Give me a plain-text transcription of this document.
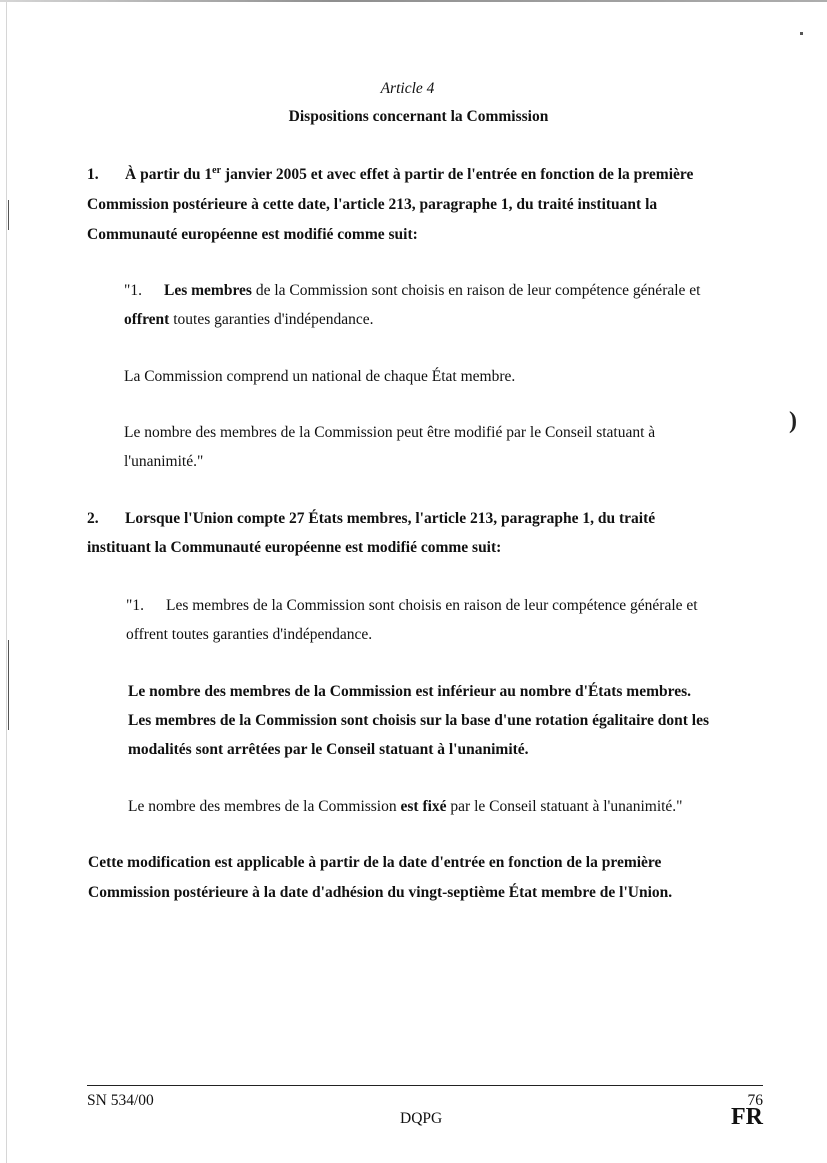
)
Article 4
Dispositions concernant la Commission
1. À partir du 1er janvier 2005 et avec effet à partir de l'entrée en fonction de la première
Commission postérieure à cette date, l'article 213, paragraphe 1, du traité instituant la
Communauté européenne est modifié comme suit:
"1. Les membres de la Commission sont choisis en raison de leur compétence générale et
offrent toutes garanties d'indépendance.
La Commission comprend un national de chaque État membre.
Le nombre des membres de la Commission peut être modifié par le Conseil statuant à
l'unanimité."
2. Lorsque l'Union compte 27 États membres, l'article 213, paragraphe 1, du traité
instituant la Communauté européenne est modifié comme suit:
"1. Les membres de la Commission sont choisis en raison de leur compétence générale et
offrent toutes garanties d'indépendance.
Le nombre des membres de la Commission est inférieur au nombre d'États membres.
Les membres de la Commission sont choisis sur la base d'une rotation égalitaire dont les
modalités sont arrêtées par le Conseil statuant à l'unanimité.
Le nombre des membres de la Commission est fixé par le Conseil statuant à l'unanimité."
Cette modification est applicable à partir de la date d'entrée en fonction de la première
Commission postérieure à la date d'adhésion du vingt-septième État membre de l'Union.
SN 534/00	76
DQPG	FR
